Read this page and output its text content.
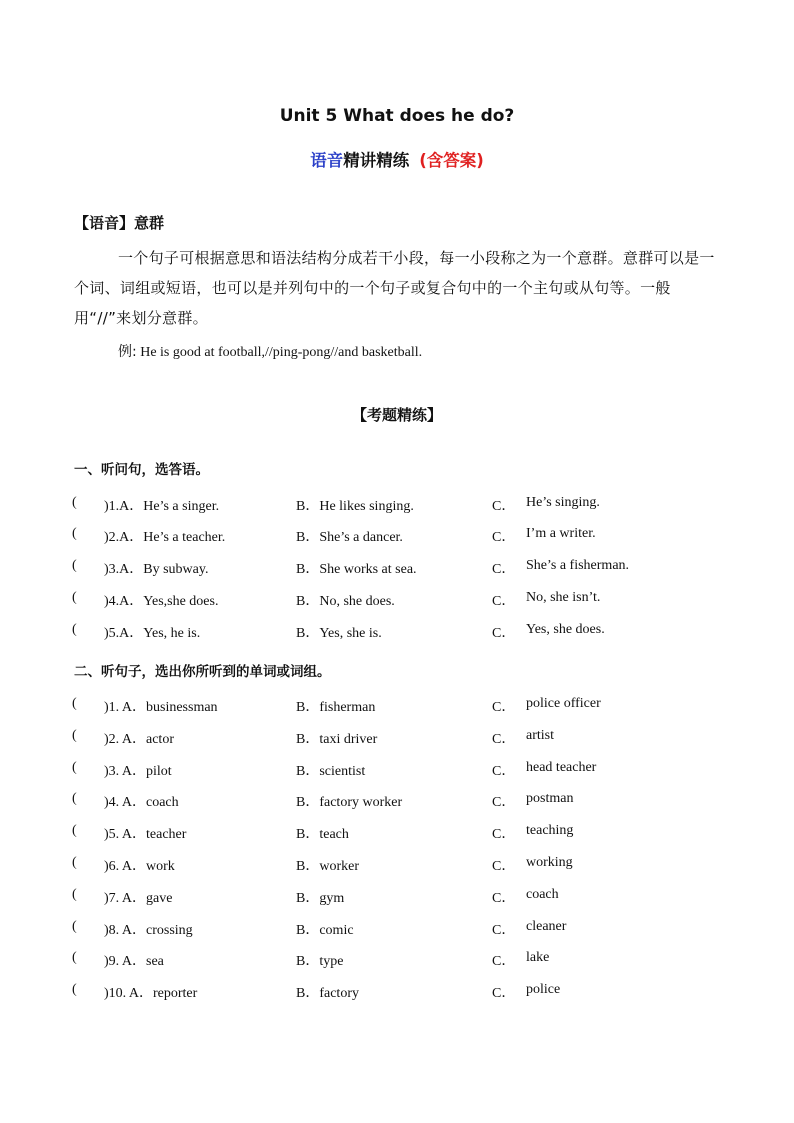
Unit 5 What does he do?
语音精讲精练 (含答案)
【语音】意群
一个句子可根据意思和语法结构分成若干小段，每一小段称之为一个意群。意群可以是一个词、词组或短语，也可以是并列句中的一个句子或复合句中的一个主句或从句等。一般用“//”来划分意群。
例: He is good at football,//ping-pong//and basketball.
【考题精练】
一、听问句，选答语。
( )1.A．He’s a singer.	B．He likes singing.	C． He’s singing.
( )2.A．He’s a teacher.	B．She’s a dancer.	C． I’m a writer.
( )3.A．By subway.	B．She works at sea.	C． She’s a fisherman.
( )4.A．Yes,she does.	B．No, she does.	C． No, she isn’t.
( )5.A．Yes, he is.	B．Yes, she is.	C． Yes, she does.
二、听句子，选出你所听到的单词或词组。
( )1. A．businessman	B．fisherman	C． police officer
( )2. A．actor	B．taxi driver	C． artist
( )3. A．pilot	B．scientist	C． head teacher
( )4. A．coach	B．factory worker	C． postman
( )5. A．teacher	B．teach	C． teaching
( )6. A．work	B．worker	C． working
( )7. A．gave	B．gym	C． coach
( )8. A．crossing	B．comic	C． cleaner
( )9. A．sea	B．type	C． lake
( )10. A．reporter	B．factory	C． police
